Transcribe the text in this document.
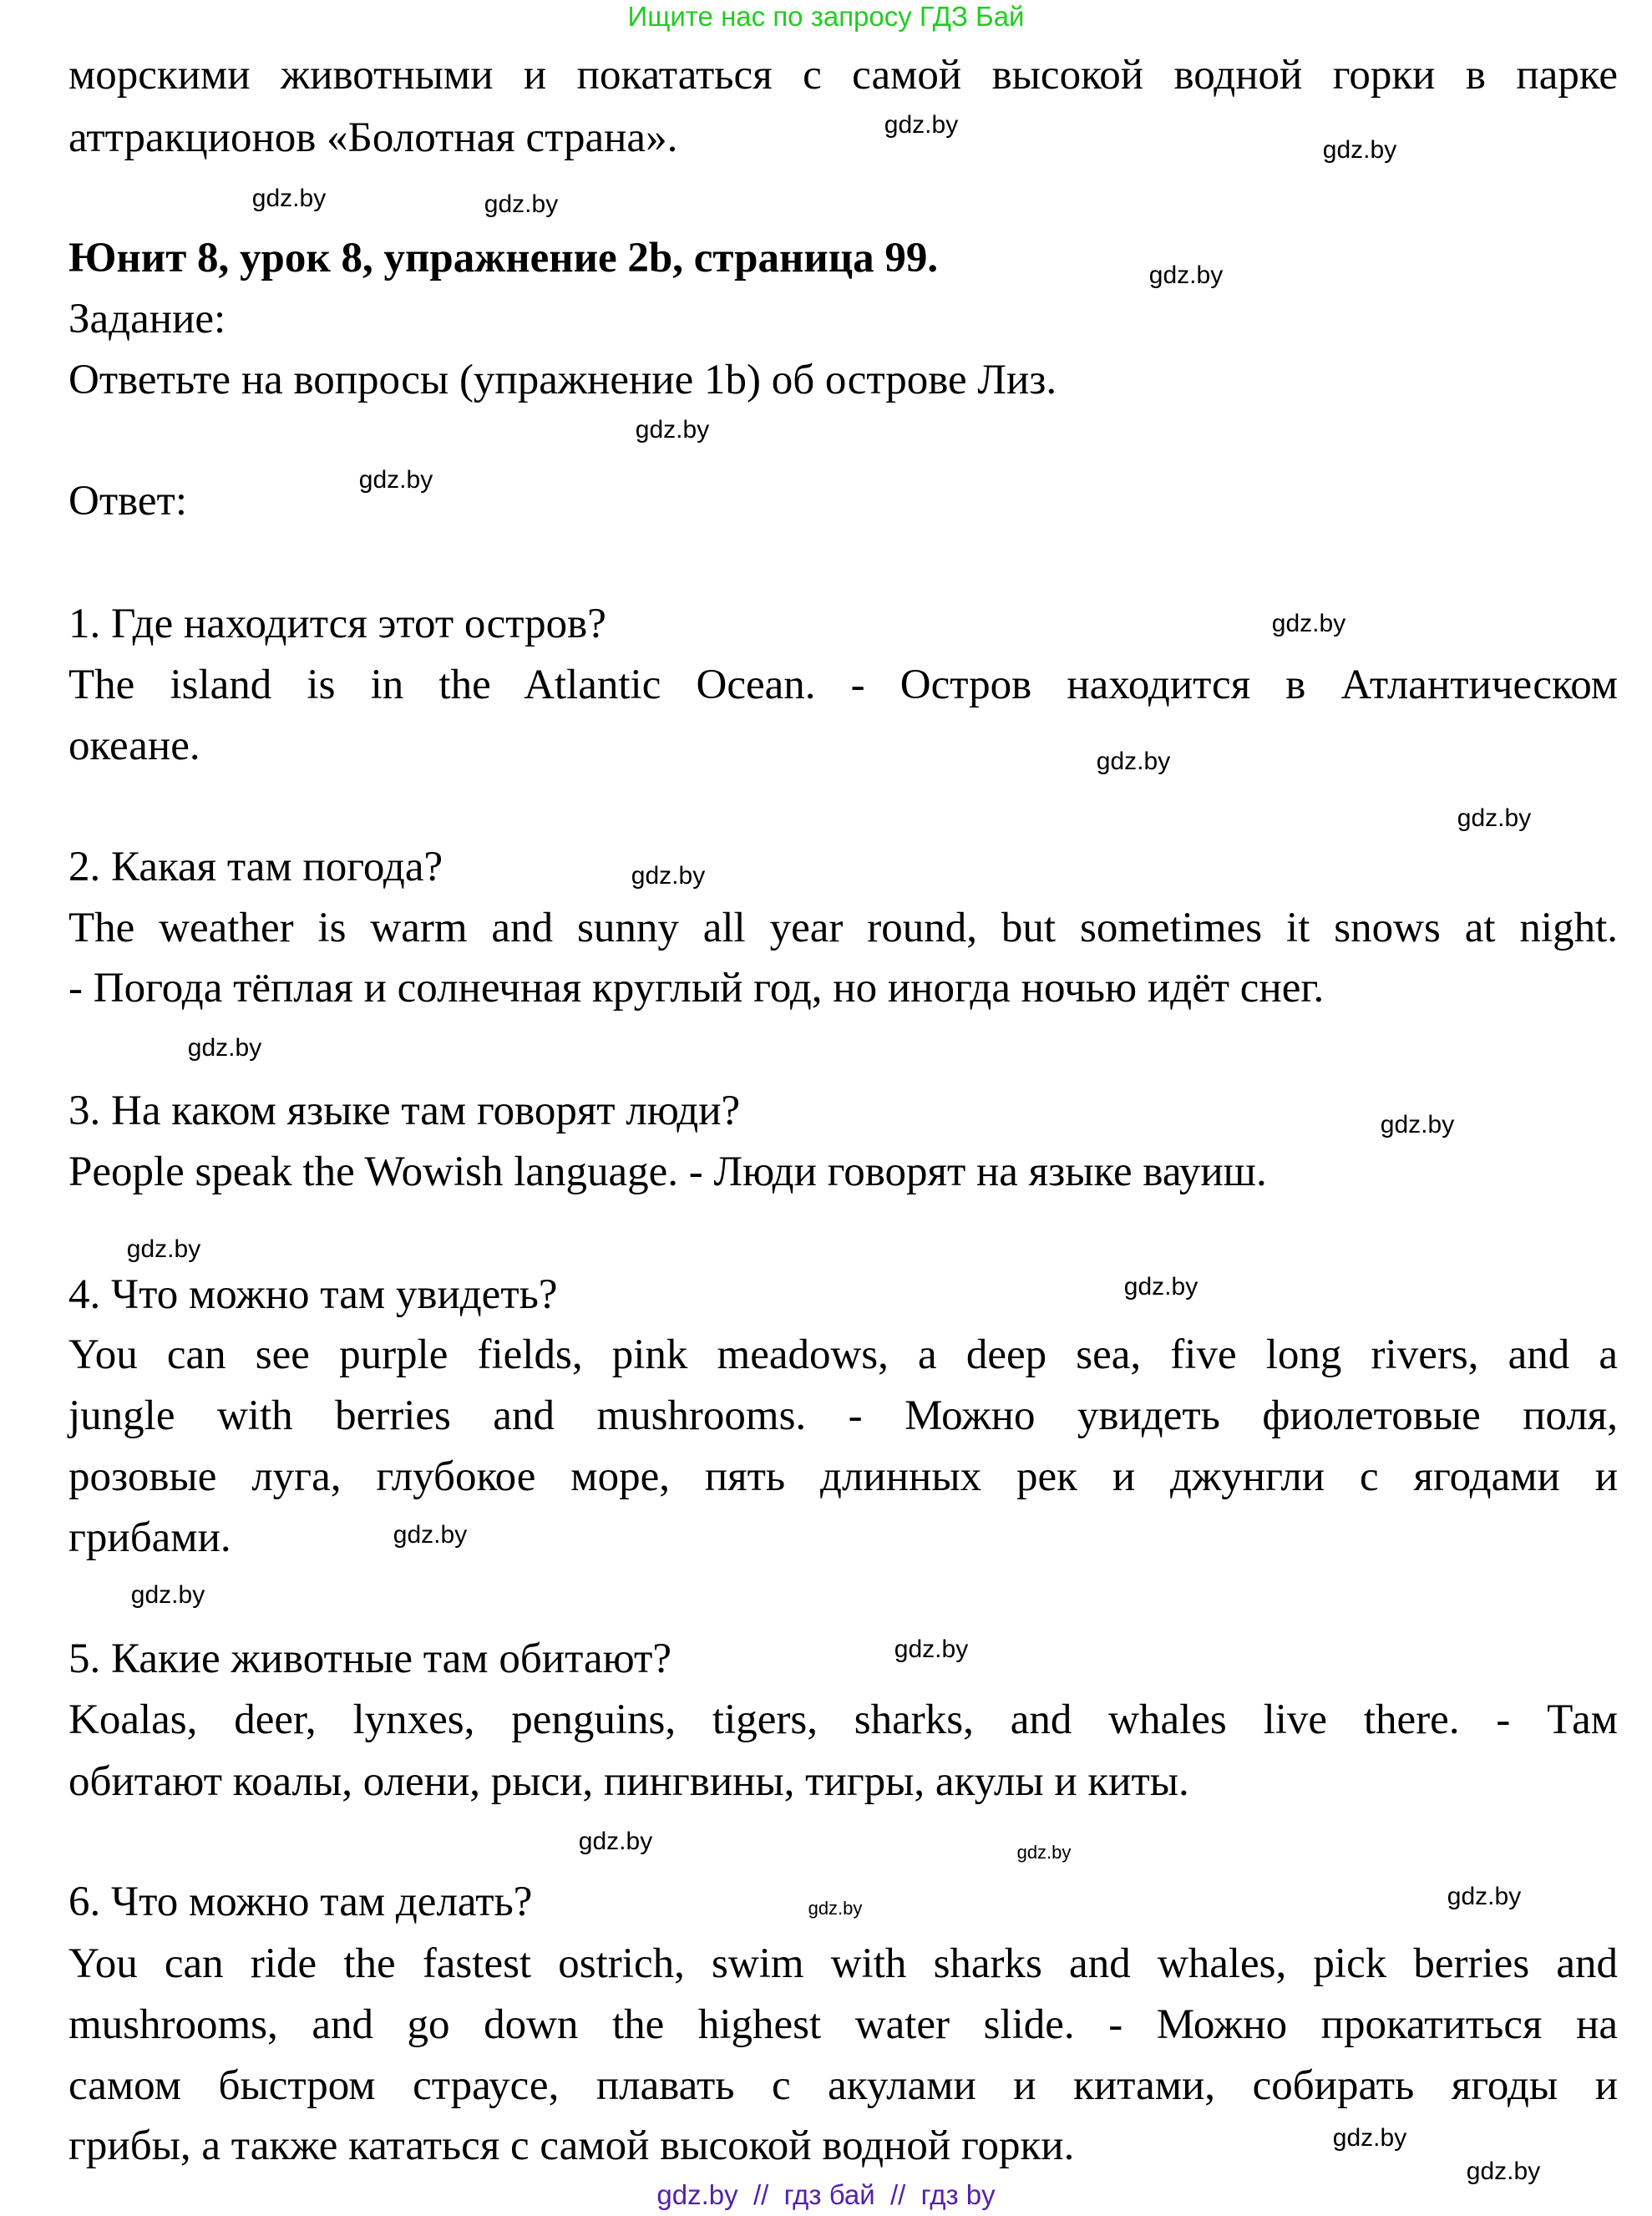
Ищите нас по запросу ГДЗ Бай
морскими животными и покататься с самой высокой водной горки в парке
аттракционов «Болотная страна».
Юнит 8, урок 8, упражнение 2b, страница 99.
Задание:
Ответьте на вопросы (упражнение 1b) об острове Лиз.
Ответ:
1. Где находится этот остров?
The island is in the Atlantic Ocean. - Остров находится в Атлантическом
океане.
2. Какая там погода?
The weather is warm and sunny all year round, but sometimes it snows at night.
- Погода тёплая и солнечная круглый год, но иногда ночью идёт снег.
3. На каком языке там говорят люди?
People speak the Wowish language. - Люди говорят на языке вауиш.
4. Что можно там увидеть?
You can see purple fields, pink meadows, a deep sea, five long rivers, and a
jungle with berries and mushrooms. - Можно увидеть фиолетовые поля,
розовые луга, глубокое море, пять длинных рек и джунгли с ягодами и
грибами.
5. Какие животные там обитают?
Koalas, deer, lynxes, penguins, tigers, sharks, and whales live there. - Там
обитают коалы, олени, рыси, пингвины, тигры, акулы и киты.
6. Что можно там делать?
You can ride the fastest ostrich, swim with sharks and whales, pick berries and
mushrooms, and go down the highest water slide. - Можно прокатиться на
самом быстром страусе, плавать с акулами и китами, собирать ягоды и
грибы, а также кататься с самой высокой водной горки.
gdz.by  //  гдз бай  //  гдз by
gdz.by
gdz.by
gdz.by	gdz.by
gdz.by
gdz.by
gdz.by
gdz.by
gdz.by
gdz.by
gdz.by
gdz.by
gdz.by
gdz.by
gdz.by
gdz.by
gdz.by
gdz.by
gdz.by
gdz.by
gdz.by
gdz.by
gdz.by
gdz.by
